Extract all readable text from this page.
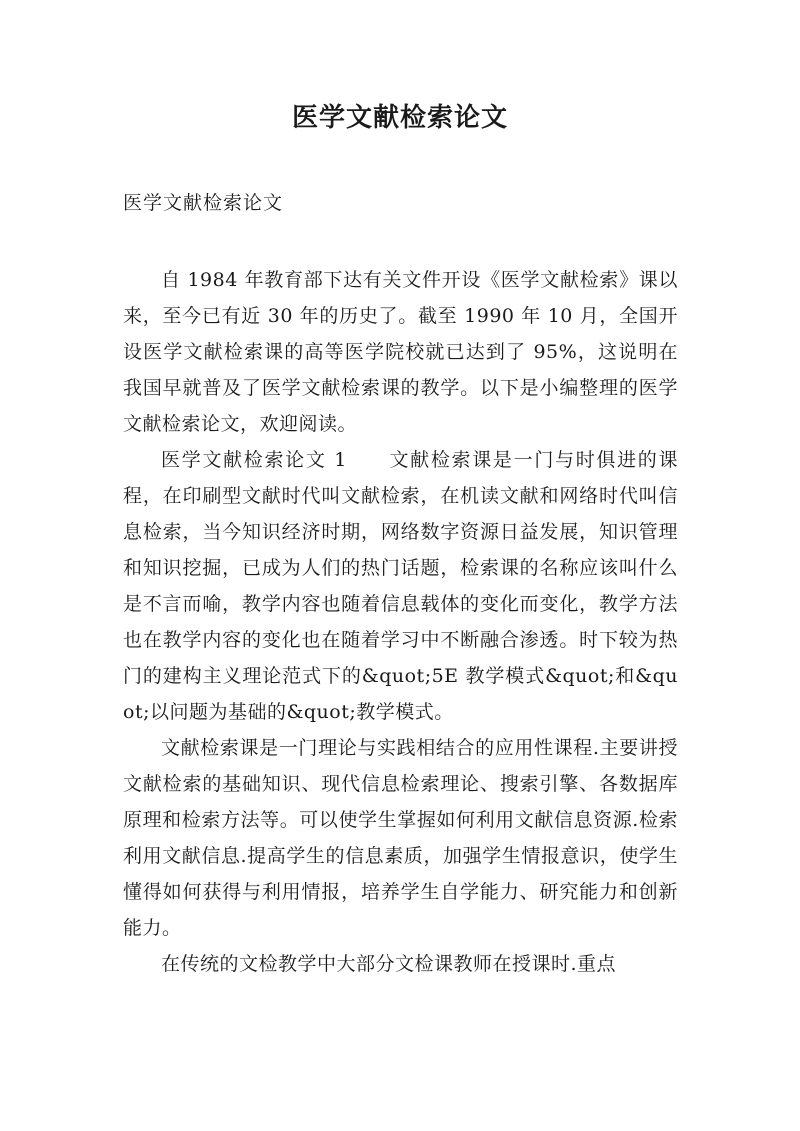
医学文献检索论文

医学文献检索论文

自 1984 年教育部下达有关文件开设《医学文献检索》课以来，至今已有近 30 年的历史了。截至 1990 年 10 月，全国开设医学文献检索课的高等医学院校就已达到了 95%，这说明在我国早就普及了医学文献检索课的教学。以下是小编整理的医学文献检索论文，欢迎阅读。

医学文献检索论文 1　　文献检索课是一门与时俱进的课程，在印刷型文献时代叫文献检索，在机读文献和网络时代叫信息检索，当今知识经济时期，网络数字资源日益发展，知识管理和知识挖掘，已成为人们的热门话题，检索课的名称应该叫什么是不言而喻，教学内容也随着信息载体的变化而变化，教学方法也在教学内容的变化也在随着学习中不断融合渗透。时下较为热门的建构主义理论范式下的&quot;5E 教学模式&quot;和&quot;以问题为基础的&quot;教学模式。

文献检索课是一门理论与实践相结合的应用性课程.主要讲授文献检索的基础知识、现代信息检索理论、搜索引擎、各数据库原理和检索方法等。可以使学生掌握如何利用文献信息资源.检索利用文献信息.提高学生的信息素质，加强学生情报意识，使学生懂得如何获得与利用情报，培养学生自学能力、研究能力和创新能力。

在传统的文检教学中大部分文检课教师在授课时.重点
